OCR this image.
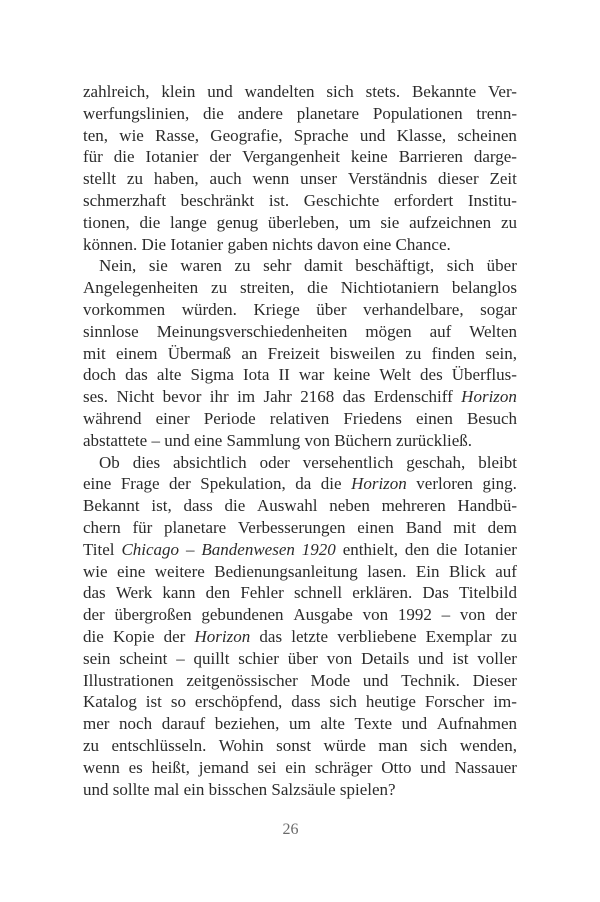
zahlreich, klein und wandelten sich stets. Bekannte Ver-
werfungslinien, die andere planetare Populationen trenn-
ten, wie Rasse, Geografie, Sprache und Klasse, scheinen
für die Iotanier der Vergangenheit keine Barrieren darge-
stellt zu haben, auch wenn unser Verständnis dieser Zeit
schmerzhaft beschränkt ist. Geschichte erfordert Institu-
tionen, die lange genug überleben, um sie aufzeichnen zu
können. Die Iotanier gaben nichts davon eine Chance.
Nein, sie waren zu sehr damit beschäftigt, sich über
Angelegenheiten zu streiten, die Nichtiotaniern belanglos
vorkommen würden. Kriege über verhandelbare, sogar
sinnlose Meinungsverschiedenheiten mögen auf Welten
mit einem Übermaß an Freizeit bisweilen zu finden sein,
doch das alte Sigma Iota II war keine Welt des Überflus-
ses. Nicht bevor ihr im Jahr 2168 das Erdenschiff Horizon
während einer Periode relativen Friedens einen Besuch
abstattete – und eine Sammlung von Büchern zurückließ.
Ob dies absichtlich oder versehentlich geschah, bleibt
eine Frage der Spekulation, da die Horizon verloren ging.
Bekannt ist, dass die Auswahl neben mehreren Handbü-
chern für planetare Verbesserungen einen Band mit dem
Titel Chicago – Bandenwesen 1920 enthielt, den die Iotanier
wie eine weitere Bedienungsanleitung lasen. Ein Blick auf
das Werk kann den Fehler schnell erklären. Das Titelbild
der übergroßen gebundenen Ausgabe von 1992 – von der
die Kopie der Horizon das letzte verbliebene Exemplar zu
sein scheint – quillt schier über von Details und ist voller
Illustrationen zeitgenössischer Mode und Technik. Dieser
Katalog ist so erschöpfend, dass sich heutige Forscher im-
mer noch darauf beziehen, um alte Texte und Aufnahmen
zu entschlüsseln. Wohin sonst würde man sich wenden,
wenn es heißt, jemand sei ein schräger Otto und Nassauer
und sollte mal ein bisschen Salzsäule spielen?
26
